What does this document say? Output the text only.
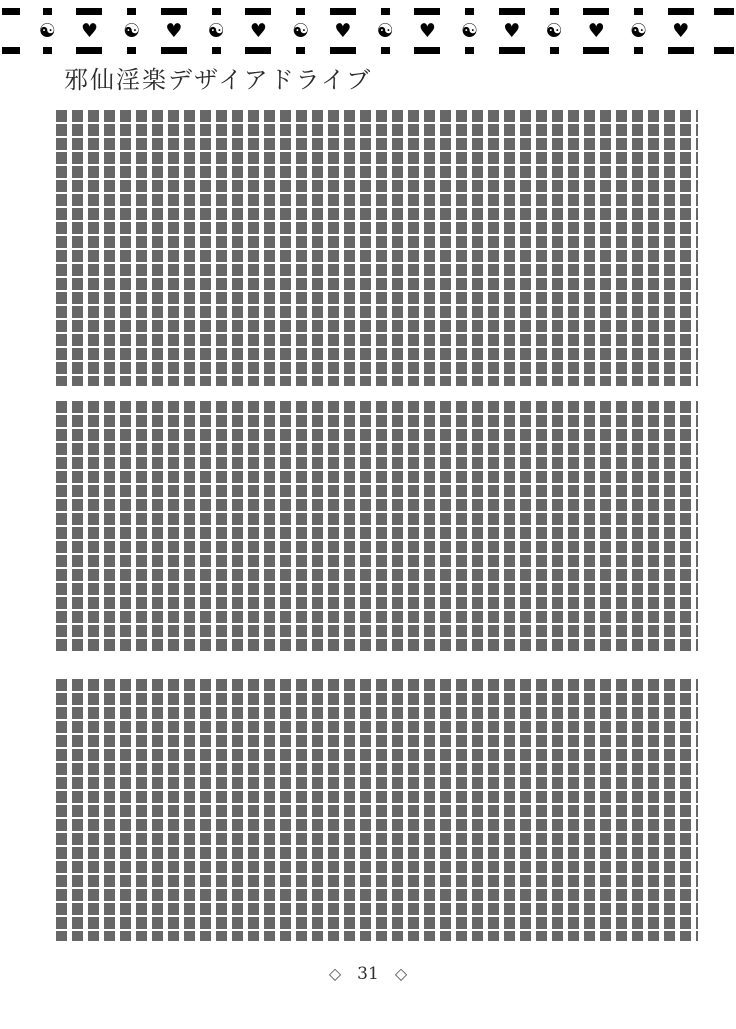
☯ ♥ ☯ ♥ ☯ ♥ ☯ ♥ ☯ ♥ ☯ ♥ ☯ ♥ ☯ ♥
邪仙淫楽デザイアドライブ
◇ 31 ◇
